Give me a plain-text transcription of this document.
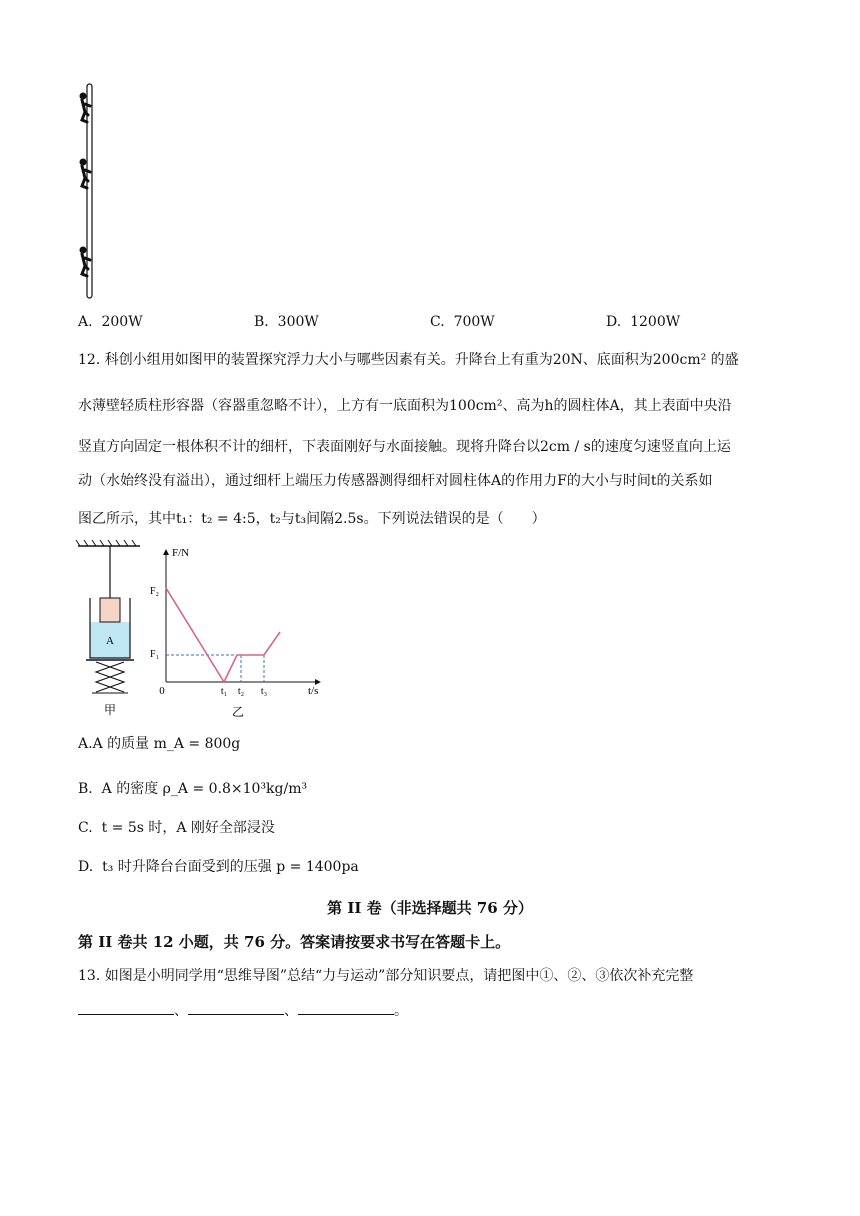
A. 200W	B. 300W	C. 700W	D. 1200W
12. 科创小组用如图甲的装置探究浮力大小与哪些因素有关。升降台上有重为20N、底面积为200cm² 的盛
水薄壁轻质柱形容器（容器重忽略不计），上方有一底面积为100cm²、高为h的圆柱体A，其上表面中央沿
竖直方向固定一根体积不计的细杆，下表面刚好与水面接触。现将升降台以2cm / s的速度匀速竖直向上运
动（水始终没有溢出），通过细杆上端压力传感器测得细杆对圆柱体A的作用力F的大小与时间t的关系如
图乙所示，其中t₁：t₂ = 4:5，t₂与t₃间隔2.5s。下列说法错误的是（　　）
A
甲
F/N
t/s
0
F₂
F₁
t₁ t₂ t₃
乙
A.A 的质量 m_A = 800g
B. A 的密度 ρ_A = 0.8×10³kg/m³
C. t = 5s 时，A 刚好全部浸没
D. t₃ 时升降台台面受到的压强 p = 1400pa
第 II 卷（非选择题共 76 分）
第 II 卷共 12 小题，共 76 分。答案请按要求书写在答题卡上。
13. 如图是小明同学用“思维导图”总结“力与运动”部分知识要点，请把图中①、②、③依次补充完整
、	、	。
